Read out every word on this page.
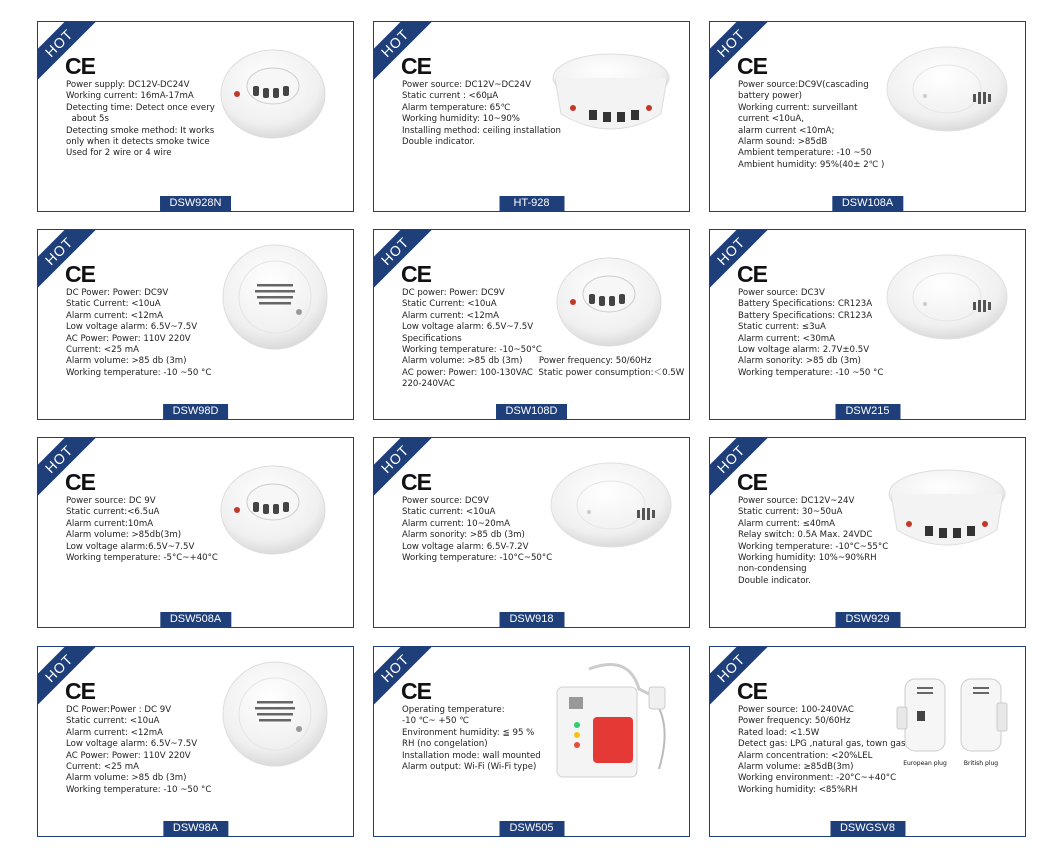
HOT
CE
Power supply: DC12V-DC24V
Working current: 16mA-17mA
Detecting time: Detect once every
about 5s
Detecting smoke method: It works
only when it detects smoke twice
Used for 2 wire or 4 wire
DSW928N
HOT
CE
Power source: DC12V~DC24V
Static current : <60μA
Alarm temperature: 65℃
Working humidity: 10~90%
Installing method: ceiling installation
Double indicator.
HT-928
HOT
CE
Power source:DC9V(cascading
battery power)
Working current: surveillant
current <10uA,
alarm current <10mA;
Alarm sound: >85dB
Ambient temperature: -10 ~50
Ambient humidity: 95%(40± 2℃ )
DSW108A
HOT
CE
DC Power: Power: DC9V
Static Current: <10uA
Alarm current: <12mA
Low voltage alarm: 6.5V~7.5V
AC Power: Power: 110V 220V
Current: <25 mA
Alarm volume: >85 db (3m)
Working temperature: -10 ~50 °C
DSW98D
HOT
CE
DC power: Power: DC9V
Static Current: <10uA
Alarm current: <12mA
Low voltage alarm: 6.5V~7.5V
Specifications
Working temperature: -10~50°C
Alarm volume: >85 db (3m)      Power frequency: 50/60Hz
AC power: Power: 100-130VAC  Static power consumption:＜0.5W
220-240VAC
DSW108D
HOT
CE
Power source: DC3V
Battery Specifications: CR123A
Battery Specifications: CR123A
Static current: ≤3uA
Alarm current: <30mA
Low voltage alarm: 2.7V±0.5V
Alarm sonority: >85 db (3m)
Working temperature: -10 ~50 °C
DSW215
HOT
CE
Power source: DC 9V
Static current:<6.5uA
Alarm current:10mA
Alarm volume: >85db(3m)
Low voltage alarm:6.5V~7.5V
Working temperature: -5°C~+40°C
DSW508A
HOT
CE
Power source: DC9V
Static current: <10uA
Alarm current: 10~20mA
Alarm sonority: >85 db (3m)
Low voltage alarm: 6.5V-7.2V
Working temperature: -10°C~50°C
DSW918
HOT
CE
Power source: DC12V~24V
Static current: 30~50uA
Alarm current: ≤40mA
Relay switch: 0.5A Max. 24VDC
Working temperature: -10°C~55°C
Working humidity: 10%~90%RH
non-condensing
Double indicator.
DSW929
HOT
CE
DC Power:Power : DC 9V
Static current: <10uA
Alarm current: <12mA
Low voltage alarm: 6.5V~7.5V
AC Power: Power: 110V 220V
Current: <25 mA
Alarm volume: >85 db (3m)
Working temperature: -10 ~50 °C
DSW98A
HOT
CE
Operating temperature:
-10 ℃~ +50 ℃
Environment humidity: ≦ 95 %
RH (no congelation)
Installation mode: wall mounted
Alarm output: Wi-Fi (Wi-Fi type)
DSW505
HOT
CE
European plug	British plug
Power source: 100-240VAC
Power frequency: 50/60Hz
Rated load: <1.5W
Detect gas: LPG ,natural gas, town gas
Alarm concentration: <20%LEL
Alarm volume: ≥85dB(3m)
Working environment: -20°C~+40°C
Working humidity: <85%RH
DSWGSV8
